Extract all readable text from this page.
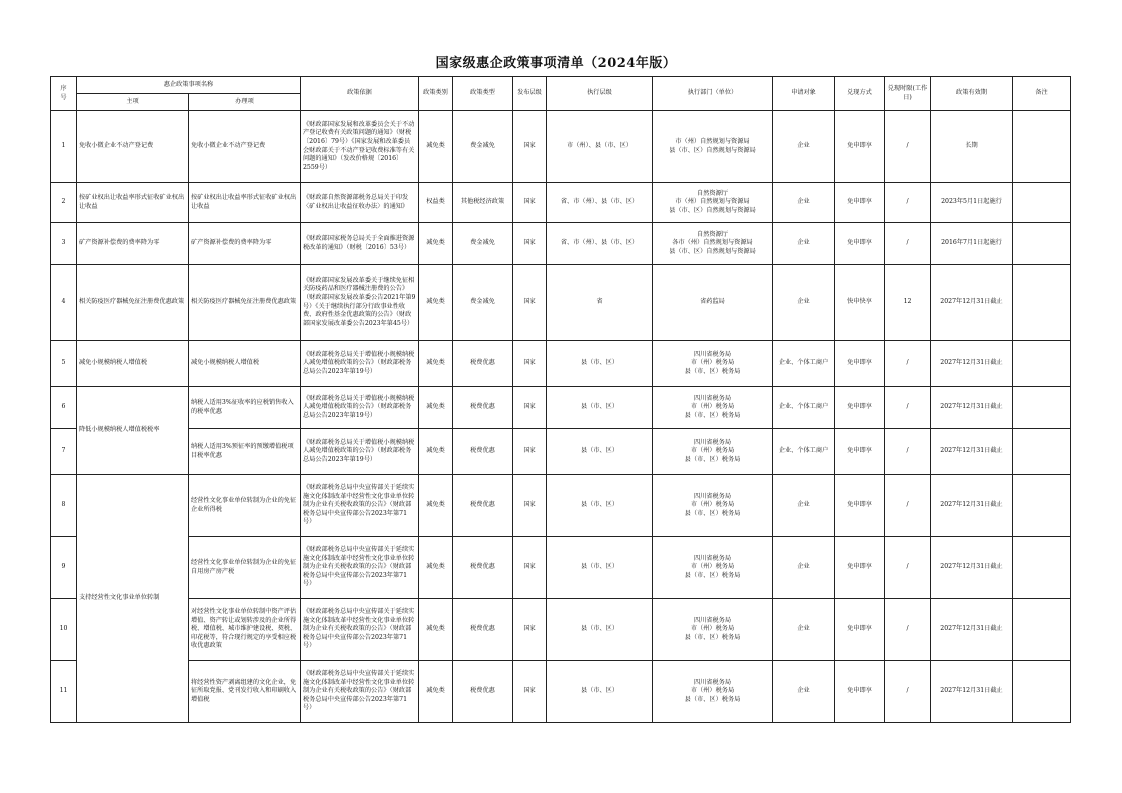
国家级惠企政策事项清单（2024年版）
序
号	惠企政策事项名称		政策依据	政策类别	政策类型	发布层级	执行层级	执行部门（单位）	申请对象	兑现方式	兑现时限(工作日)	政策有效期	备注
	主项	办理项											
1	免收小微企业不动产登记费	免收小微企业不动产登记费	《财政部国家发展和改革委员会关于不动产登记收费有关政策问题的通知》（财税〔2016〕79号）《国家发展和改革委员会财政部关于不动产登记收费标准等有关问题的通知》（发改价格规〔2016〕2559号）	减免类	费金减免	国家	市（州）、县（市、区）	市（州）自然规划与资源局
县（市、区）自然规划与资源局	企业	免申即享	/	长期	
2	按矿业权出让收益率形式征收矿业权出让收益	按矿业权出让收益率形式征收矿业权出让收益	《财政部自然资源部税务总局关于印发〈矿业权出让收益征收办法〉的通知》	权益类	其他税经济政策	国家	省、市（州）、县（市、区）	自然资源厅
市（州）自然规划与资源局
县（市、区）自然规划与资源局	企业	免申即享	/	2023年5月1日起施行	
3	矿产资源补偿费的费率降为零	矿产资源补偿费的费率降为零	《财政部国家税务总局关于全面推进资源税改革的通知》（财税〔2016〕53号）	减免类	费金减免	国家	省、市（州）、县（市、区）	自然资源厅
各市（州）自然规划与资源局
县（市、区）自然规划与资源局	企业	免申即享	/	2016年7月1日起施行	
4	相关防疫医疗器械免征注册费优惠政策	相关防疫医疗器械免征注册费优惠政策	《财政部国家发展改革委关于继续免征相关防疫药品和医疗器械注册费的公告》（财政部国家发展改革委公告2021年第9号）《关于继续执行部分行政事业性收费、政府性基金优惠政策的公告》（财政部国家发展改革委公告2023年第45号）	减免类	费金减免	国家	省	省药监局	企业	快申快享	12	2027年12月31日截止	
5	减免小规模纳税人增值税	减免小规模纳税人增值税	《财政部税务总局关于增值税小规模纳税人减免增值税政策的公告》（财政部税务总局公告2023年第19号）	减免类	税费优惠	国家	县（市、区）	四川省税务局
市（州）税务局
县（市、区）税务局	企业、个体工商户	免申即享	/	2027年12月31日截止	
6	降低小规模纳税人增值税税率	纳税人适用3%征收率的应税销售收入的税率优惠	《财政部税务总局关于增值税小规模纳税人减免增值税政策的公告》（财政部税务总局公告2023年第19号）	减免类	税费优惠	国家	县（市、区）	四川省税务局
市（州）税务局
县（市、区）税务局	企业、个体工商户	免申即享	/	2027年12月31日截止	
7		纳税人适用3%预征率的预缴增值税项目税率优惠	《财政部税务总局关于增值税小规模纳税人减免增值税政策的公告》（财政部税务总局公告2023年第19号）	减免类	税费优惠	国家	县（市、区）	四川省税务局
市（州）税务局
县（市、区）税务局	企业、个体工商户	免申即享	/	2027年12月31日截止	
8	支持经营性文化事业单位转制	经营性文化事业单位转制为企业的免征企业所得税	《财政部税务总局中央宣传部关于延续实施文化体制改革中经营性文化事业单位转制为企业有关税收政策的公告》（财政部税务总局中央宣传部公告2023年第71号）	减免类	税费优惠	国家	县（市、区）	四川省税务局
市（州）税务局
县（市、区）税务局	企业	免申即享	/	2027年12月31日截止	
9		经营性文化事业单位转制为企业的免征自用房产房产税	《财政部税务总局中央宣传部关于延续实施文化体制改革中经营性文化事业单位转制为企业有关税收政策的公告》（财政部税务总局中央宣传部公告2023年第71号）	减免类	税费优惠	国家	县（市、区）	四川省税务局
市（州）税务局
县（市、区）税务局	企业	免申即享	/	2027年12月31日截止	
10		对经营性文化事业单位转制中资产评估增值、资产转让或划转涉及的企业所得税、增值税、城市维护建设税、契税、印花税等，符合现行规定的享受相应税收优惠政策	《财政部税务总局中央宣传部关于延续实施文化体制改革中经营性文化事业单位转制为企业有关税收政策的公告》（财政部税务总局中央宣传部公告2023年第71号）	减免类	税费优惠	国家	县（市、区）	四川省税务局
市（州）税务局
县（市、区）税务局	企业	免申即享	/	2027年12月31日截止	
11		将经营性资产剥离组建的文化企业，免征所取党报、党刊发行收入和印刷收入增值税	《财政部税务总局中央宣传部关于延续实施文化体制改革中经营性文化事业单位转制为企业有关税收政策的公告》（财政部税务总局中央宣传部公告2023年第71号）	减免类	税费优惠	国家	县（市、区）	四川省税务局
市（州）税务局
县（市、区）税务局	企业	免申即享	/	2027年12月31日截止	
